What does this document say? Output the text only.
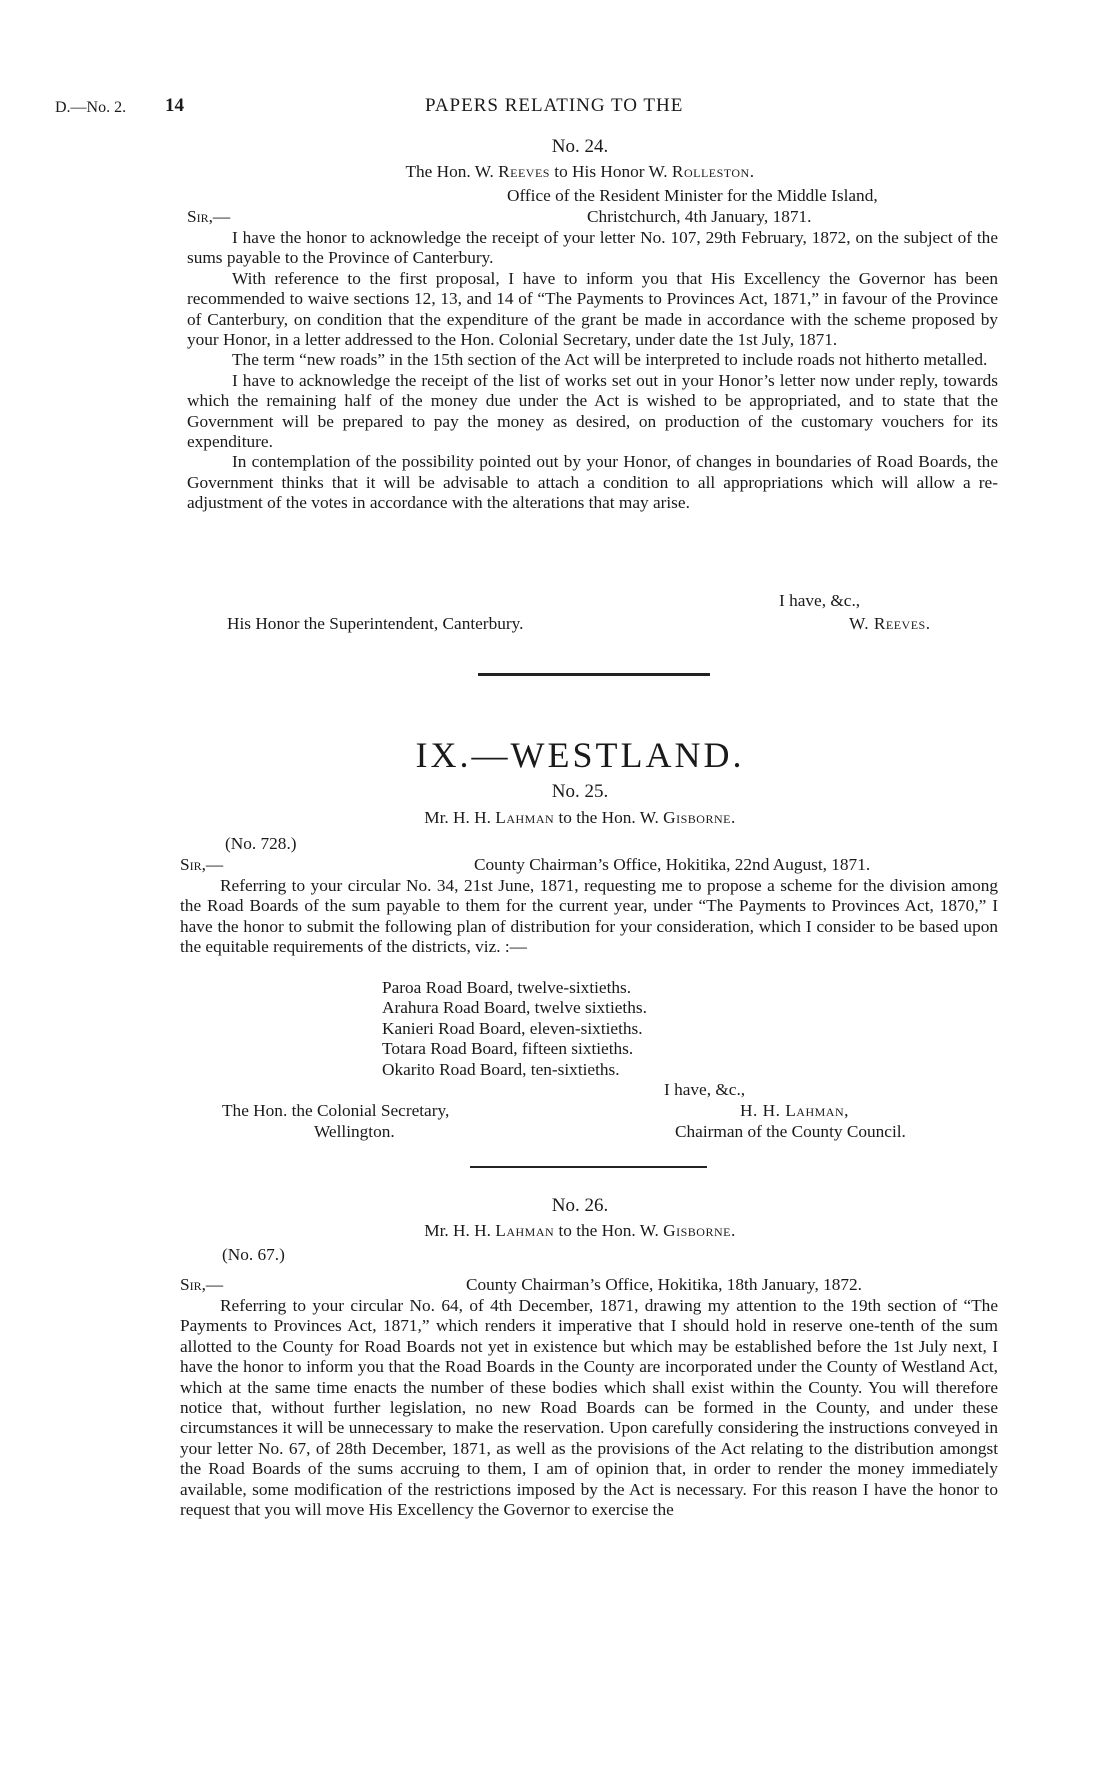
D.—No. 2. 14	PAPERS RELATING TO THE
No. 24.
The Hon. W. Reeves to His Honor W. Rolleston.
Office of the Resident Minister for the Middle Island,
Sir,—	Christchurch, 4th January, 1871.

I have the honor to acknowledge the receipt of your letter No. 107, 29th February, 1872, on the subject of the sums payable to the Province of Canterbury.

With reference to the first proposal, I have to inform you that His Excellency the Governor has been recommended to waive sections 12, 13, and 14 of “The Payments to Provinces Act, 1871,” in favour of the Province of Canterbury, on condition that the expenditure of the grant be made in accordance with the scheme proposed by your Honor, in a letter addressed to the Hon. Colonial Secretary, under date the 1st July, 1871.

The term “new roads” in the 15th section of the Act will be interpreted to include roads not hitherto metalled.

I have to acknowledge the receipt of the list of works set out in your Honor’s letter now under reply, towards which the remaining half of the money due under the Act is wished to be appropriated, and to state that the Government will be prepared to pay the money as desired, on production of the customary vouchers for its expenditure.

In contemplation of the possibility pointed out by your Honor, of changes in boundaries of Road Boards, the Government thinks that it will be advisable to attach a condition to all appropriations which will allow a re-adjustment of the votes in accordance with the alterations that may arise.

I have, &c.,
His Honor the Superintendent, Canterbury.	W. Reeves.
IX.—WESTLAND.
No. 25.
Mr. H. H. Lahman to the Hon. W. Gisborne.
(No. 728.)
Sir,—	County Chairman’s Office, Hokitika, 22nd August, 1871.

Referring to your circular No. 34, 21st June, 1871, requesting me to propose a scheme for the division among the Road Boards of the sum payable to them for the current year, under “The Payments to Provinces Act, 1870,” I have the honor to submit the following plan of distribution for your consideration, which I consider to be based upon the equitable requirements of the districts, viz. :—

Paroa Road Board, twelve-sixtieths.
Arahura Road Board, twelve sixtieths.
Kanieri Road Board, eleven-sixtieths.
Totara Road Board, fifteen sixtieths.
Okarito Road Board, ten-sixtieths.
I have, &c.,
The Hon. the Colonial Secretary,	H. H. Lahman,
Wellington.	Chairman of the County Council.
No. 26.
Mr. H. H. Lahman to the Hon. W. Gisborne.
(No. 67.)
Sir,—	County Chairman’s Office, Hokitika, 18th January, 1872.

Referring to your circular No. 64, of 4th December, 1871, drawing my attention to the 19th section of “The Payments to Provinces Act, 1871,” which renders it imperative that I should hold in reserve one-tenth of the sum allotted to the County for Road Boards not yet in existence but which may be established before the 1st July next, I have the honor to inform you that the Road Boards in the County are incorporated under the County of Westland Act, which at the same time enacts the number of these bodies which shall exist within the County. You will therefore notice that, without further legislation, no new Road Boards can be formed in the County, and under these circumstances it will be unnecessary to make the reservation. Upon carefully considering the instructions conveyed in your letter No. 67, of 28th December, 1871, as well as the provisions of the Act relating to the distribution amongst the Road Boards of the sums accruing to them, I am of opinion that, in order to render the money immediately available, some modification of the restrictions imposed by the Act is necessary. For this reason I have the honor to request that you will move His Excellency the Governor to exercise the
